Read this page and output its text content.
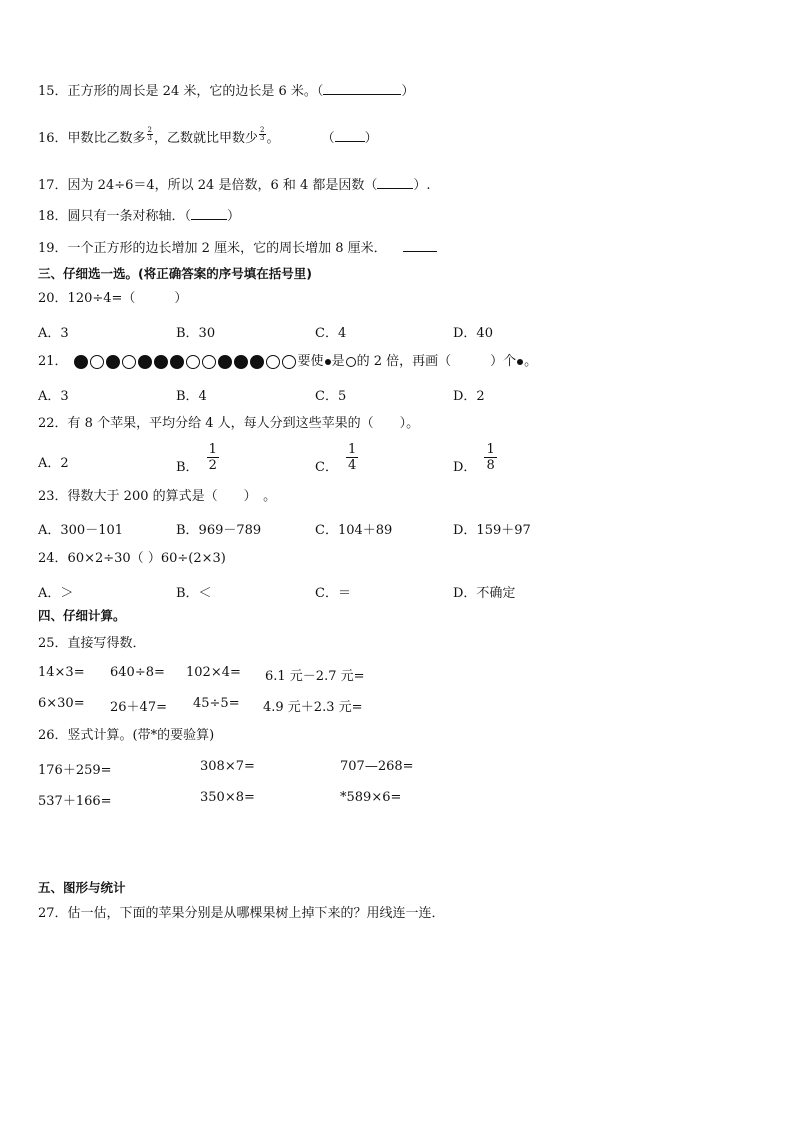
15．正方形的周长是 24 米，它的边长是 6 米。（	）
16．甲数比乙数多 $\frac{2}{3}$ ，乙数就比甲数少 $\frac{2}{3}$ 。	（ ）
17．因为 24÷6＝4，所以 24 是倍数，6 和 4 都是因数（	）.
18．圆只有一条对称轴．（	）
19．一个正方形的边长增加 2 厘米，它的周长增加 8 厘米．
三、仔细选一选。(将正确答案的序号填在括号里)
20．120÷4=（　　　）
A．3	B．30	C．4	D．40
21．	要使 是 的 2 倍，再画（　　　）个 。
A．3	B．4	C．5	D．2
22．有 8 个苹果，平均分给 4 人，每人分到这些苹果的（　　）。
A．2	B． $\frac{1}{2}$	C． $\frac{1}{4}$	D． $\frac{1}{8}$
23．得数大于 200 的算式是（　　）　。
A．300－101	B．969－789	C．104＋89	D．159＋97
24．60×2÷30（ ）60÷(2×3)
A．＞	B．＜	C．＝	D．不确定
四、仔细计算。
25．直接写得数．
14×3= 640÷8= 102×4= 6.1 元－2.7 元=
6×30= 26＋47= 45÷5= 4.9 元＋2.3 元=
26．竖式计算。(带*的要验算)
176＋259=	308×7=	707—268=
537＋166=	350×8=	*589×6=
五、图形与统计
27．估一估，下面的苹果分别是从哪棵果树上掉下来的？用线连一连．
